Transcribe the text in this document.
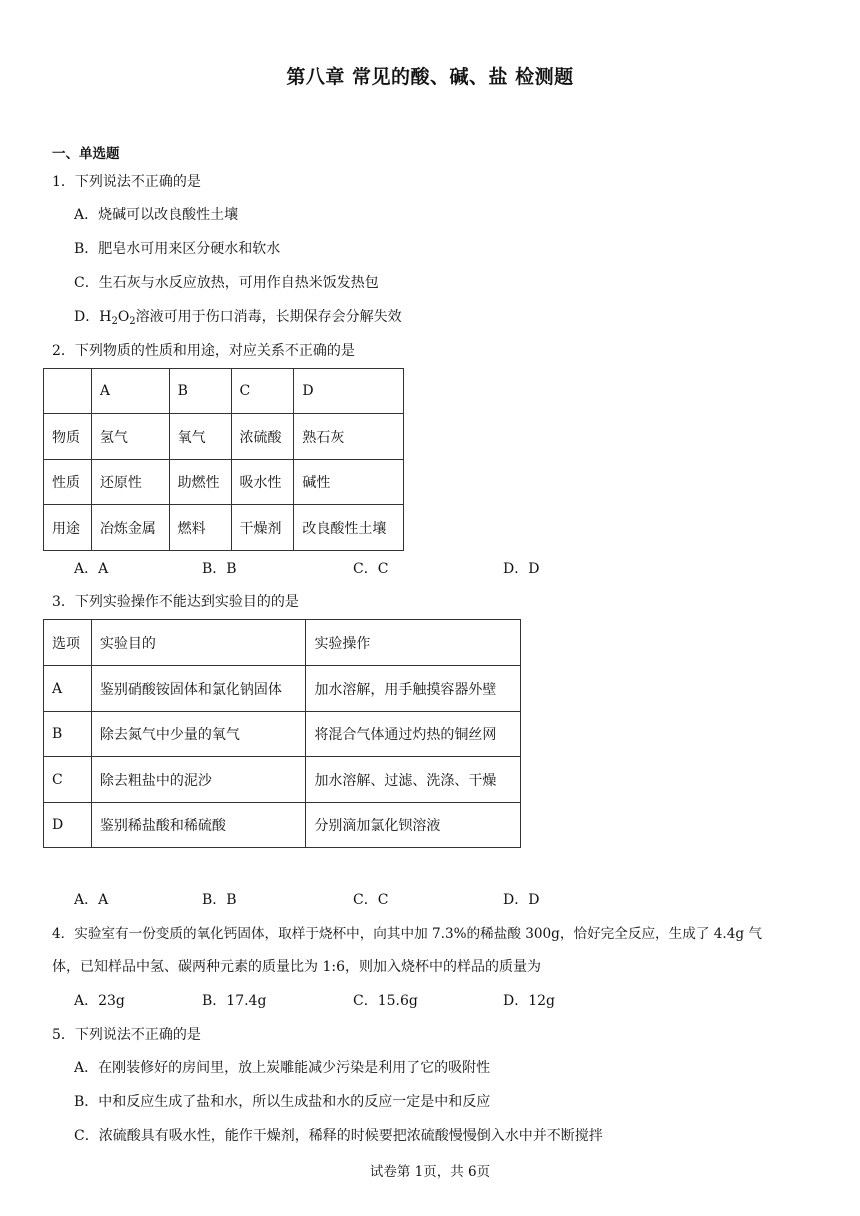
第八章 常见的酸、碱、盐 检测题
一、单选题
1．下列说法不正确的是
A．烧碱可以改良酸性土壤
B．肥皂水可用来区分硬水和软水
C．生石灰与水反应放热，可用作自热米饭发热包
D．$H_2O_2$溶液可用于伤口消毒，长期保存会分解失效
2．下列物质的性质和用途，对应关系不正确的是
	A	B	C	D
物质	氢气	氧气	浓硫酸	熟石灰
性质	还原性	助燃性	吸水性	碱性
用途	冶炼金属	燃料	干燥剂	改良酸性土壤
A．A	B．B	C．C	D．D
3．下列实验操作不能达到实验目的的是
选项	实验目的	实验操作
A	鉴别硝酸铵固体和氯化钠固体	加水溶解，用手触摸容器外壁
B	除去氮气中少量的氧气	将混合气体通过灼热的铜丝网
C	除去粗盐中的泥沙	加水溶解、过滤、洗涤、干燥
D	鉴别稀盐酸和稀硫酸	分别滴加氯化钡溶液
A．A	B．B	C．C	D．D
4．实验室有一份变质的氧化钙固体，取样于烧杯中，向其中加 7.3%的稀盐酸 300g，恰好完全反应，生成了 4.4g 气
体，已知样品中氢、碳两种元素的质量比为 1:6，则加入烧杯中的样品的质量为
A．23g	B．17.4g	C．15.6g	D．12g
5．下列说法不正确的是
A．在刚装修好的房间里，放上炭雕能减少污染是利用了它的吸附性
B．中和反应生成了盐和水，所以生成盐和水的反应一定是中和反应
C．浓硫酸具有吸水性，能作干燥剂，稀释的时候要把浓硫酸慢慢倒入水中并不断搅拌
试卷第 1页，共 6页
